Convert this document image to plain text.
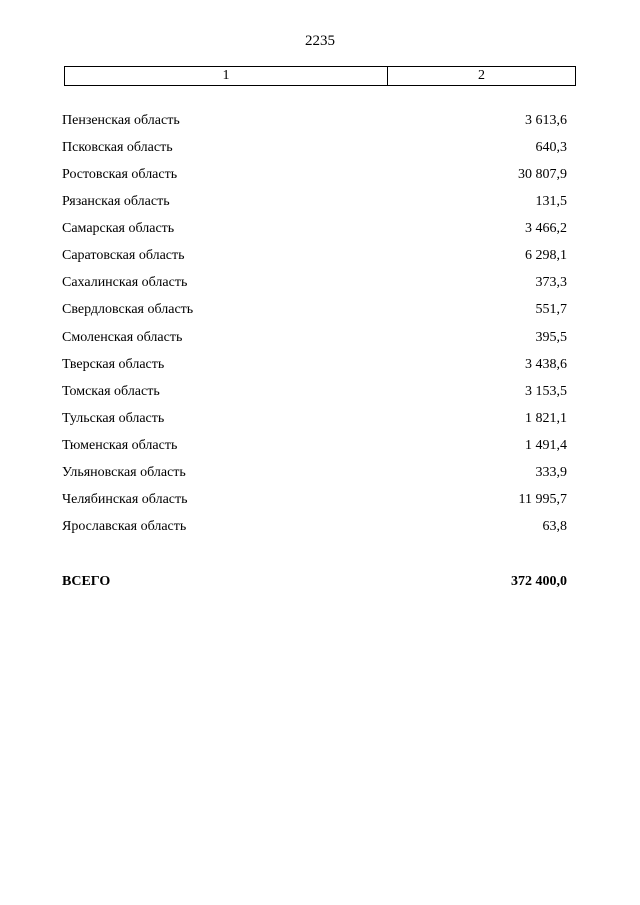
2235
1	2
Пензенская область	3 613,6
Псковская область	640,3
Ростовская область	30 807,9
Рязанская область	131,5
Самарская область	3 466,2
Саратовская область	6 298,1
Сахалинская область	373,3
Свердловская область	551,7
Смоленская область	395,5
Тверская область	3 438,6
Томская область	3 153,5
Тульская область	1 821,1
Тюменская область	1 491,4
Ульяновская область	333,9
Челябинская область	11 995,7
Ярославская область	63,8
ВСЕГО	372 400,0
